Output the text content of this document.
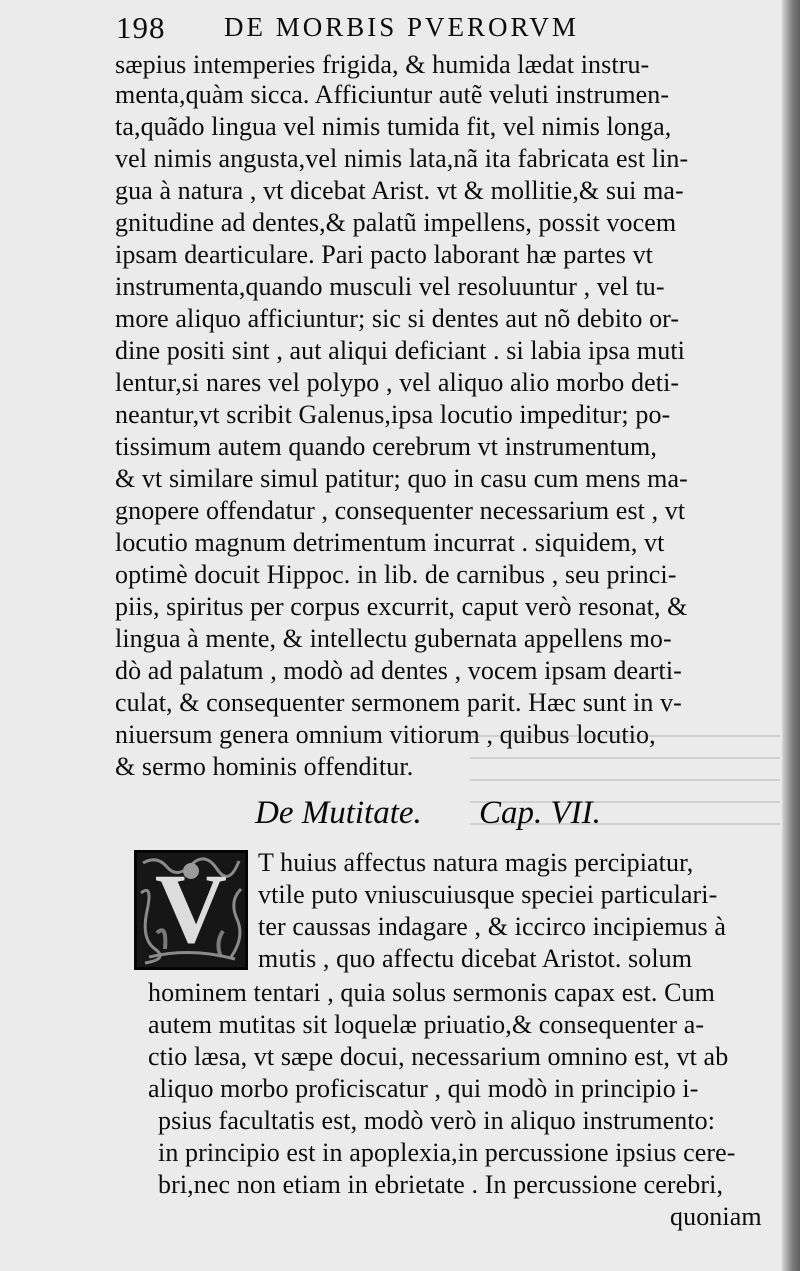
198 DE MORBIS PVERORVM
sæpius intemperies frigida, & humida lædat instru-
menta,quàm sicca. Afficiuntur autẽ veluti instrumen-
ta,quãdo lingua vel nimis tumida fit, vel nimis longa,
vel nimis angusta,vel nimis lata,nã ita fabricata est lin-
gua à natura , vt dicebat Arist. vt & mollitie,& sui ma-
gnitudine ad dentes,& palatũ impellens, possit vocem
ipsam dearticulare. Pari pacto laborant hæ partes vt
instrumenta,quando musculi vel resoluuntur , vel tu-
more aliquo afficiuntur; sic si dentes aut nõ debito or-
dine positi sint , aut aliqui deficiant . si labia ipsa muti
lentur,si nares vel polypo , vel aliquo alio morbo deti-
neantur,vt scribit Galenus,ipsa locutio impeditur; po-
tissimum autem quando cerebrum vt instrumentum,
& vt similare simul patitur; quo in casu cum mens ma-
gnopere offendatur , consequenter necessarium est , vt
locutio magnum detrimentum incurrat . siquidem, vt
optimè docuit Hippoc. in lib. de carnibus , seu princi-
piis, spiritus per corpus excurrit, caput verò resonat, &
lingua à mente, & intellectu gubernata appellens mo-
dò ad palatum , modò ad dentes , vocem ipsam dearti-
culat, & consequenter sermonem parit. Hæc sunt in v-
niuersum genera omnium vitiorum , quibus locutio,
& sermo hominis offenditur.
De Mutitate. Cap. VII.
V	T huius affectus natura magis percipiatur,
vtile puto vniuscuiusque speciei particulari-
ter caussas indagare , & iccirco incipiemus à
mutis , quo affectu dicebat Aristot. solum
hominem tentari , quia solus sermonis capax est. Cum
autem mutitas sit loquelæ priuatio,& consequenter a-
ctio læsa, vt sæpe docui, necessarium omnino est, vt ab
aliquo morbo proficiscatur , qui modò in principio i-
psius facultatis est, modò verò in aliquo instrumento:
in principio est in apoplexia,in percussione ipsius cere-
bri,nec non etiam in ebrietate . In percussione cerebri,
quoniam
